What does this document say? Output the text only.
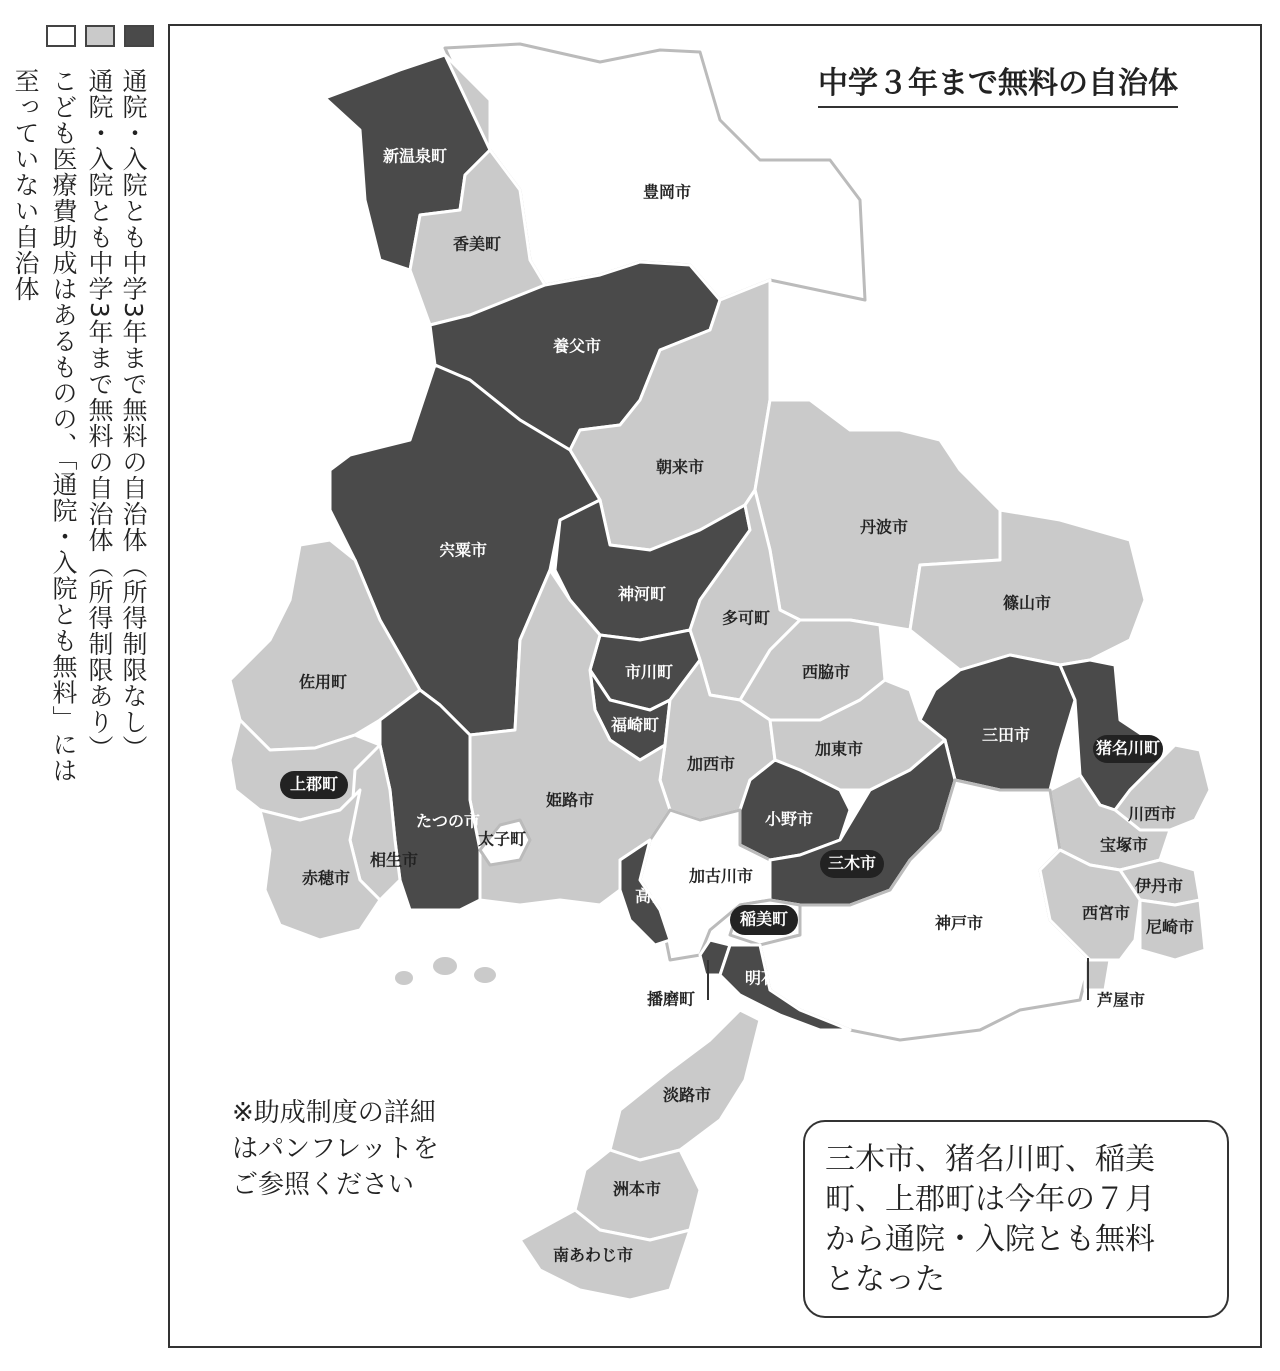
通院・入院とも中学3年まで無料の自治体（所得制限なし）
通院・入院とも中学3年まで無料の自治体（所得制限あり）
こども医療費助成はあるものの、「通院・入院とも無料」には
至っていない自治体	新温泉町
香美町
豊岡市
養父市
朝来市
宍粟市
丹波市
神河町	篠山市
多可町
佐用町
市川町	西脇市
福崎町
三田市
猪名川町
上郡町
加西市
加東市
姫路市
たつの市	小野市	川西市
太子町	宝塚市
相生市
赤穂市	加古川市
三木市
伊丹市
高砂市
稲美町	神戸市
西宮市
尼崎市
明石市
播磨町	芦屋市
淡路市
洲本市
南あわじ市
中学３年まで無料の自治体
※助成制度の詳細
はパンフレットを
ご参照ください
三木市、猪名川町、稲美
町、上郡町は今年の７月
から通院・入院とも無料
となった
